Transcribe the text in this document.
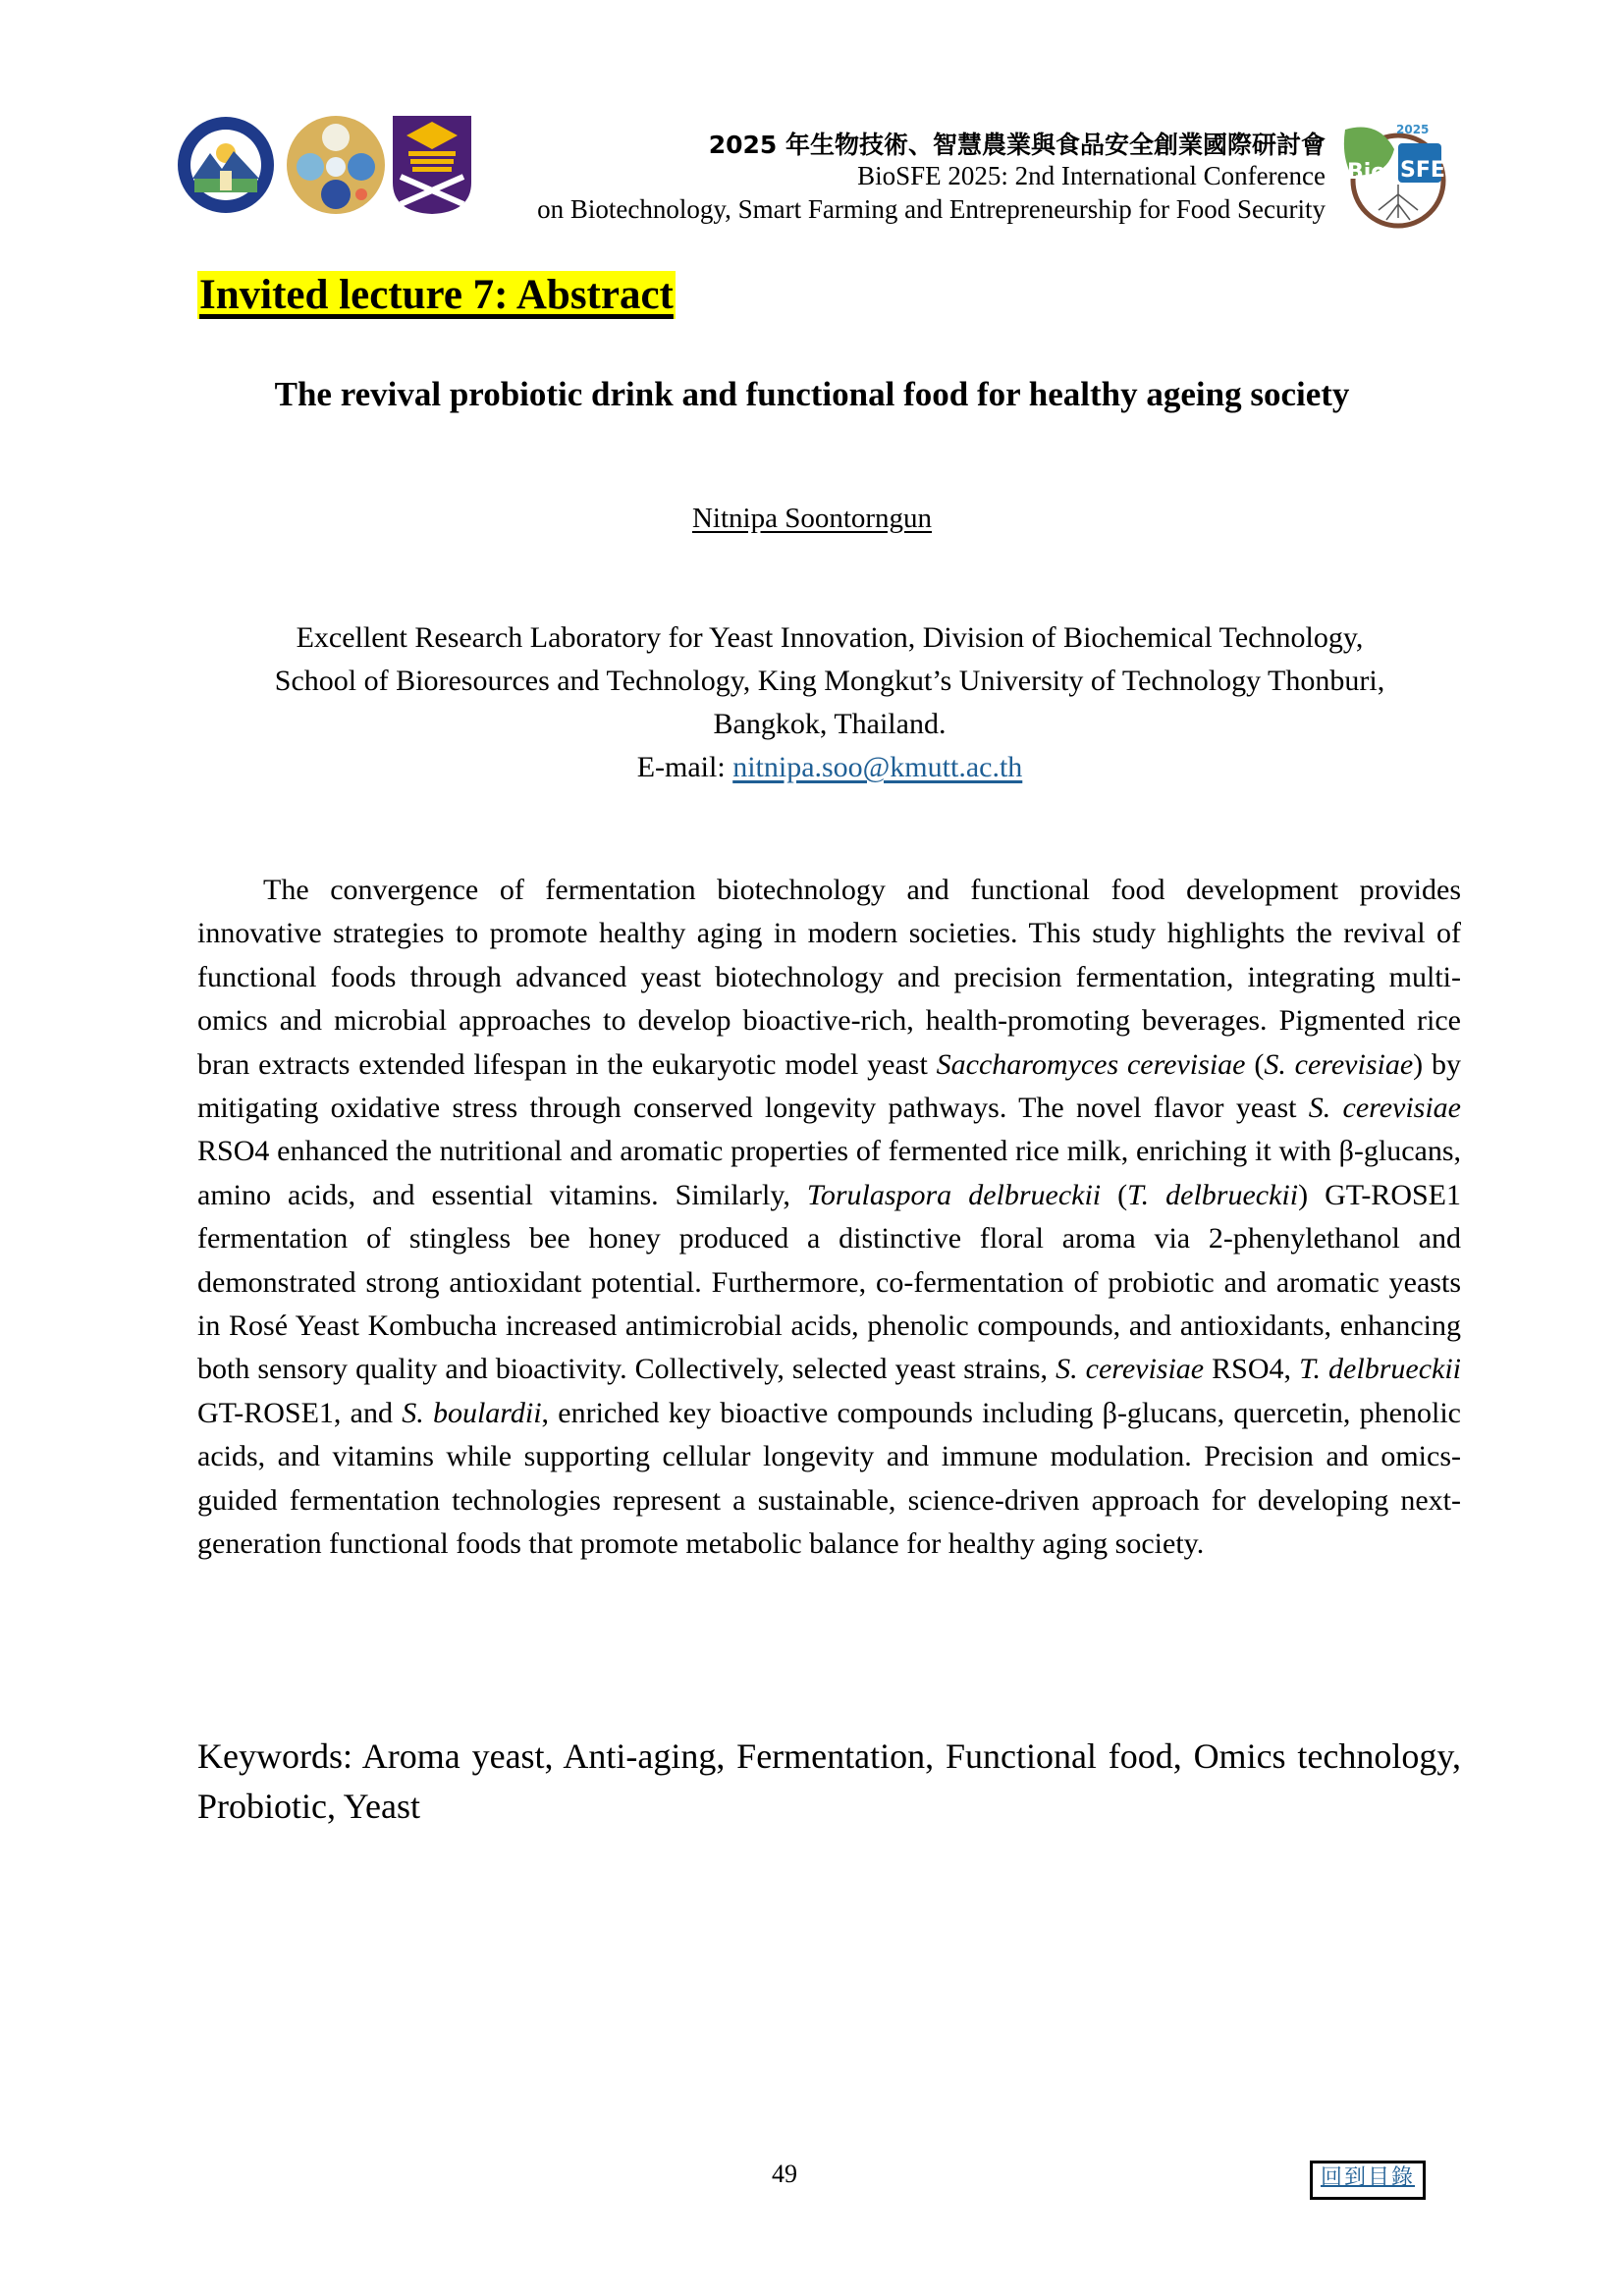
2025 年生物技術、智慧農業與食品安全創業國際研討會
BioSFE 2025: 2nd International Conference
on Biotechnology, Smart Farming and Entrepreneurship for Food Security
2025
Bio SFE
Invited lecture 7: Abstract
The revival probiotic drink and functional food for healthy ageing society
Nitnipa Soontorngun
Excellent Research Laboratory for Yeast Innovation, Division of Biochemical Technology,
School of Bioresources and Technology, King Mongkut’s University of Technology Thonburi,
Bangkok, Thailand.
E-mail: nitnipa.soo@kmutt.ac.th
The convergence of fermentation biotechnology and functional food development provides innovative strategies to promote healthy aging in modern societies. This study highlights the revival of functional foods through advanced yeast biotechnology and precision fermentation, integrating multi-omics and microbial approaches to develop bioactive-rich, health-promoting beverages. Pigmented rice bran extracts extended lifespan in the eukaryotic model yeast Saccharomyces cerevisiae (S. cerevisiae) by mitigating oxidative stress through conserved longevity pathways. The novel flavor yeast S. cerevisiae RSO4 enhanced the nutritional and aromatic properties of fermented rice milk, enriching it with β-glucans, amino acids, and essential vitamins. Similarly, Torulaspora delbrueckii (T. delbrueckii) GT-ROSE1 fermentation of stingless bee honey produced a distinctive floral aroma via 2-phenylethanol and demonstrated strong antioxidant potential. Furthermore, co-fermentation of probiotic and aromatic yeasts in Rosé Yeast Kombucha increased antimicrobial acids, phenolic compounds, and antioxidants, enhancing both sensory quality and bioactivity. Collectively, selected yeast strains, S. cerevisiae RSO4, T. delbrueckii GT-ROSE1, and S. boulardii, enriched key bioactive compounds including β-glucans, quercetin, phenolic acids, and vitamins while supporting cellular longevity and immune modulation. Precision and omics-guided fermentation technologies represent a sustainable, science-driven approach for developing next-generation functional foods that promote metabolic balance for healthy aging society.
Keywords: Aroma yeast, Anti-aging, Fermentation, Functional food, Omics technology, Probiotic, Yeast
49	回到目錄
